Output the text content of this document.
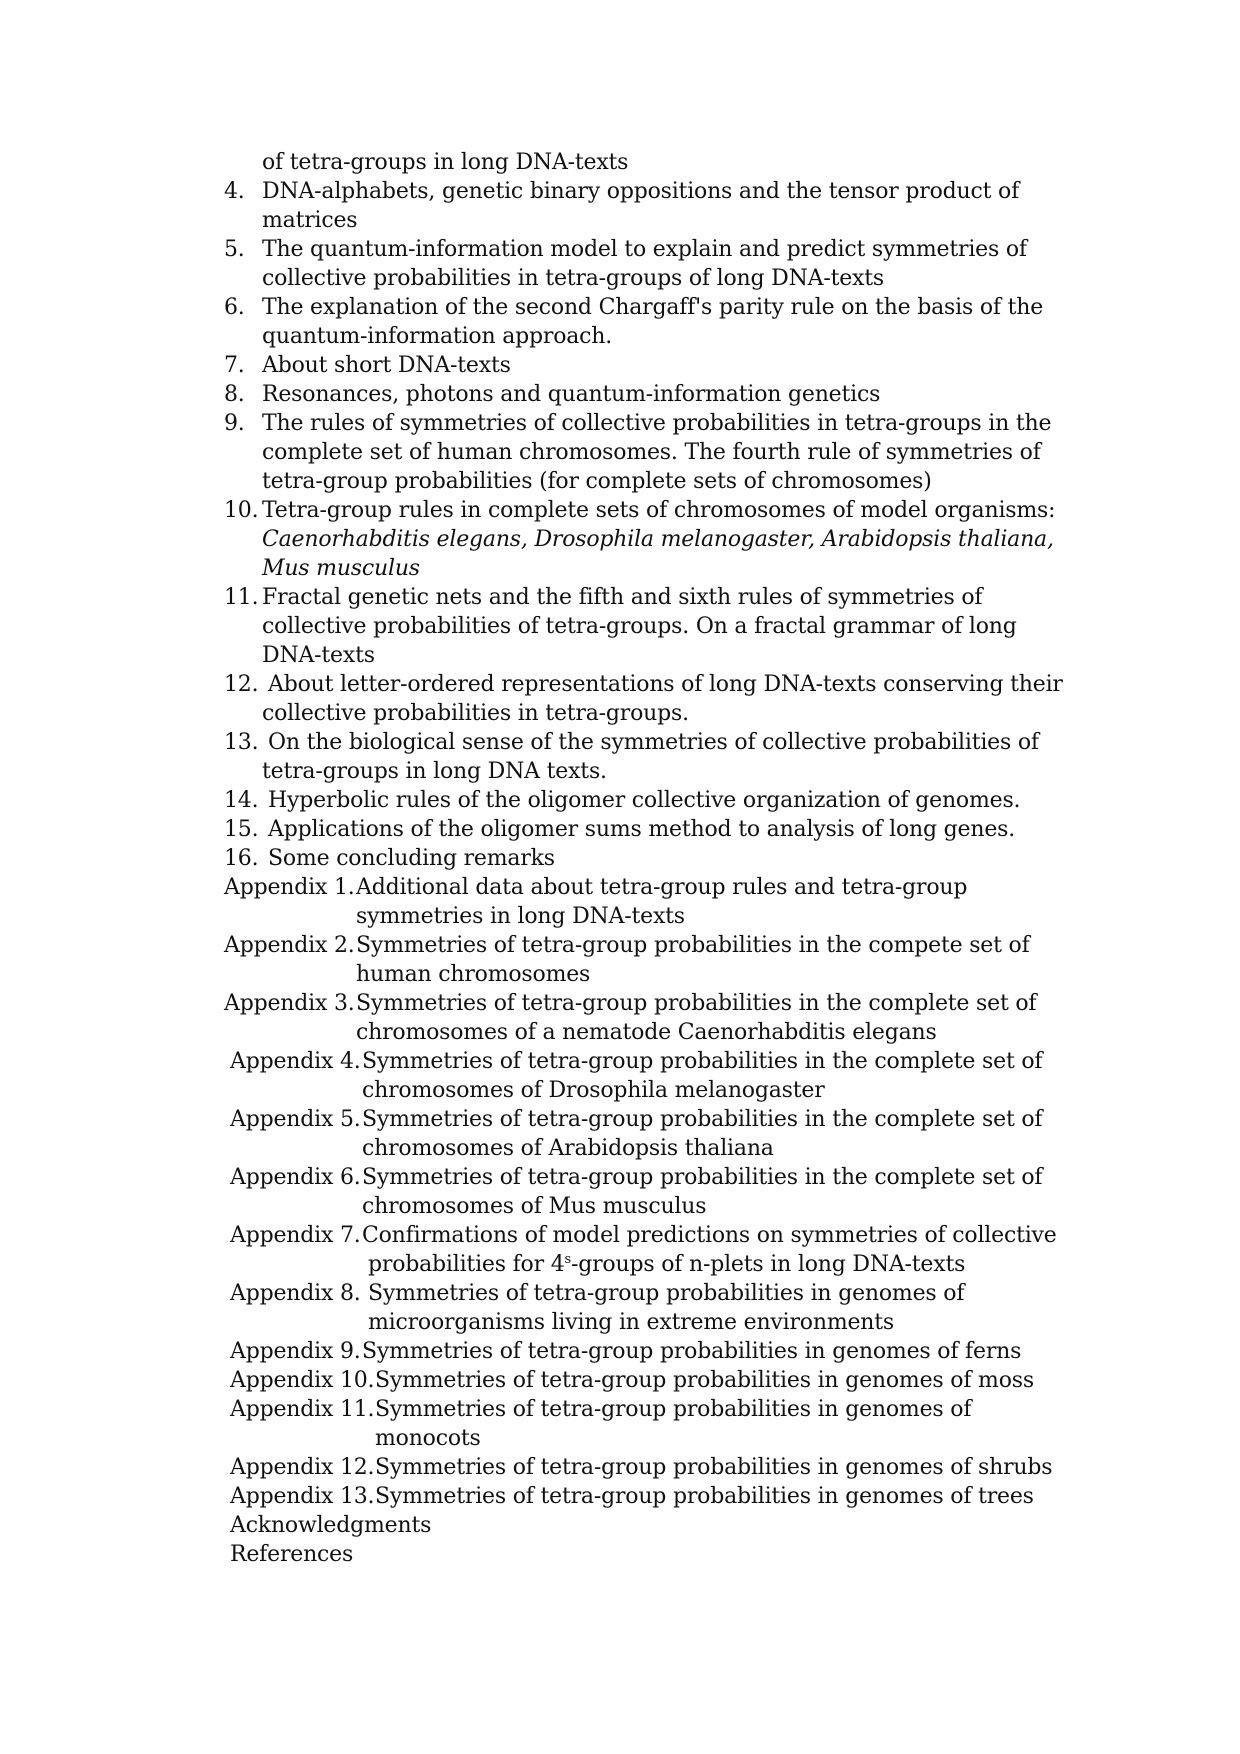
of tetra-groups in long DNA-texts
4. DNA-alphabets, genetic binary oppositions and the tensor product of
matrices
5. The quantum-information model to explain and predict symmetries of
collective probabilities in tetra-groups of long DNA-texts
6. The explanation of the second Chargaff's parity rule on the basis of the
quantum-information approach.
7. About short DNA-texts
8. Resonances, photons and quantum-information genetics
9. The rules of symmetries of collective probabilities in tetra-groups in the
complete set of human chromosomes. The fourth rule of symmetries of
tetra-group probabilities (for complete sets of chromosomes)
10. Tetra-group rules in complete sets of chromosomes of model organisms:
Caenorhabditis elegans, Drosophila melanogaster, Arabidopsis thaliana,
Mus musculus
11. Fractal genetic nets and the fifth and sixth rules of symmetries of
collective probabilities of tetra-groups. On a fractal grammar of long
DNA-texts
12. About letter-ordered representations of long DNA-texts conserving their
collective probabilities in tetra-groups.
13. On the biological sense of the symmetries of collective probabilities of
tetra-groups in long DNA texts.
14. Hyperbolic rules of the oligomer collective organization of genomes.
15. Applications of the oligomer sums method to analysis of long genes.
16. Some concluding remarks
Appendix 1. Additional data about tetra-group rules and tetra-group
symmetries in long DNA-texts
Appendix 2. Symmetries of tetra-group probabilities in the compete set of
human chromosomes
Appendix 3. Symmetries of tetra-group probabilities in the complete set of
chromosomes of a nematode Caenorhabditis elegans
Appendix 4. Symmetries of tetra-group probabilities in the complete set of
chromosomes of Drosophila melanogaster
Appendix 5. Symmetries of tetra-group probabilities in the complete set of
chromosomes of Arabidopsis thaliana
Appendix 6. Symmetries of tetra-group probabilities in the complete set of
chromosomes of Mus musculus
Appendix 7. Confirmations of model predictions on symmetries of collective
probabilities for 4$^s$-groups of n-plets in long DNA-texts
Appendix 8. Symmetries of tetra-group probabilities in genomes of
microorganisms living in extreme environments
Appendix 9. Symmetries of tetra-group probabilities in genomes of ferns
Appendix 10. Symmetries of tetra-group probabilities in genomes of moss
Appendix 11. Symmetries of tetra-group probabilities in genomes of
monocots
Appendix 12. Symmetries of tetra-group probabilities in genomes of shrubs
Appendix 13. Symmetries of tetra-group probabilities in genomes of trees
Acknowledgments
References
